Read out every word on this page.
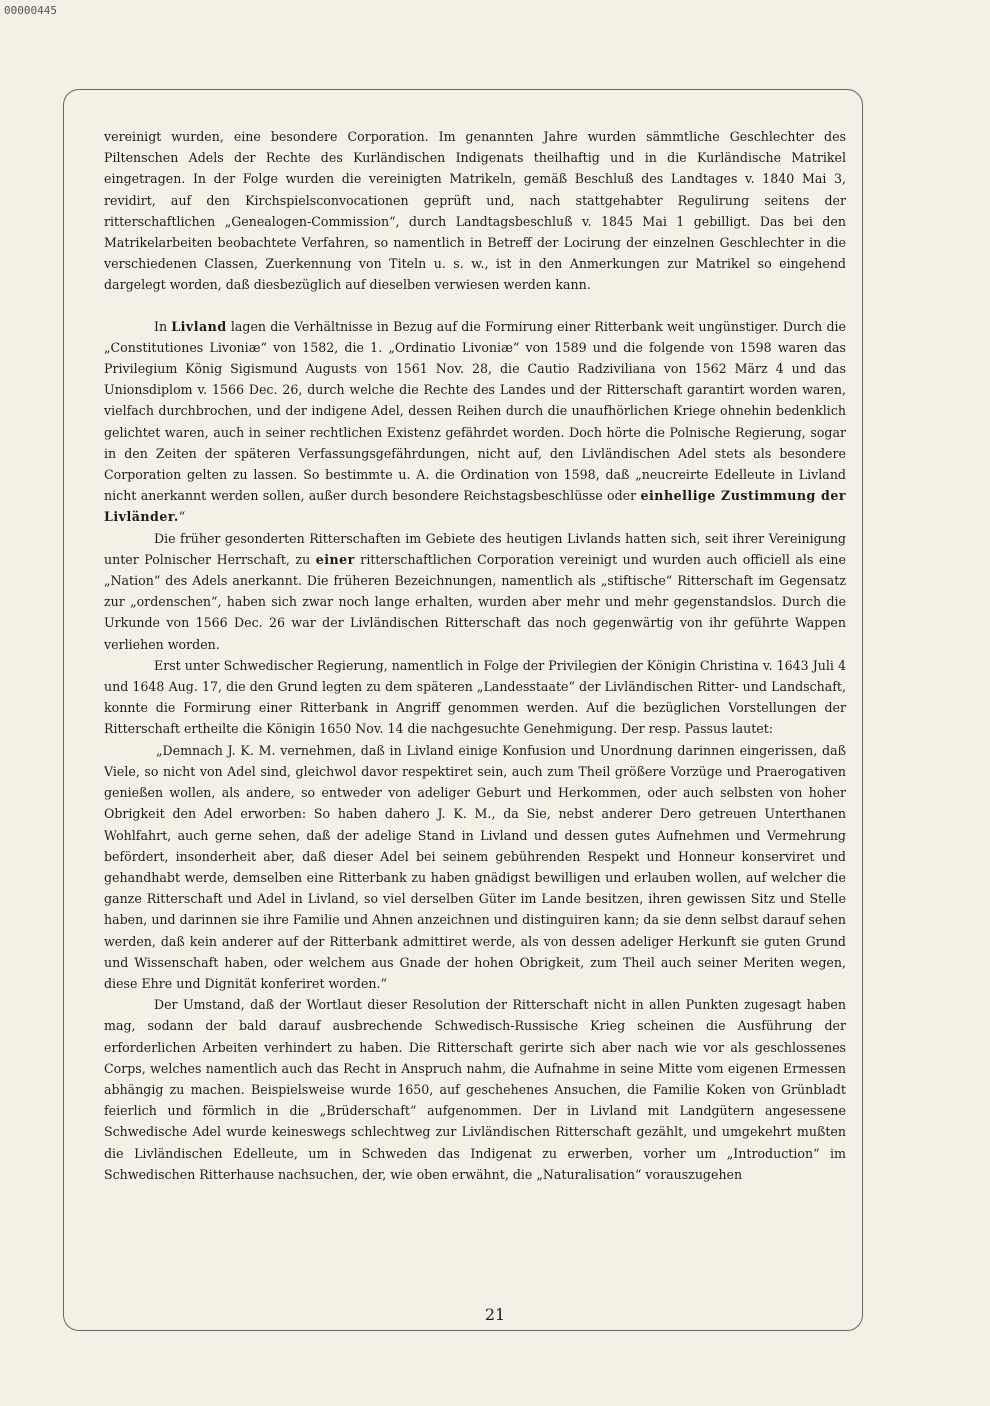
00000445

vereinigt wurden, eine besondere Corporation. Im genannten Jahre wurden sämmtliche Geschlechter des Piltenschen Adels der Rechte des Kurländischen Indigenats theilhaftig und in die Kurländische Matrikel eingetragen. In der Folge wurden die vereinigten Matrikeln, gemäß Beschluß des Landtages v. 1840 Mai 3, revidirt, auf den Kirchspielsconvocationen geprüft und, nach stattgehabter Regulirung seitens der ritterschaftlichen „Genealogen-Commission“, durch Landtagsbeschluß v. 1845 Mai 1 gebilligt. Das bei den Matrikelarbeiten beobachtete Verfahren, so namentlich in Betreff der Locirung der einzelnen Geschlechter in die verschiedenen Classen, Zuerkennung von Titeln u. s. w., ist in den Anmerkungen zur Matrikel so eingehend dargelegt worden, daß diesbezüglich auf dieselben verwiesen werden kann.

In Livland lagen die Verhältnisse in Bezug auf die Formirung einer Ritterbank weit ungünstiger. Durch die „Constitutiones Livoniæ“ von 1582, die 1. „Ordinatio Livoniæ“ von 1589 und die folgende von 1598 waren das Privilegium König Sigismund Augusts von 1561 Nov. 28, die Cautio Radziviliana von 1562 März 4 und das Unionsdiplom v. 1566 Dec. 26, durch welche die Rechte des Landes und der Ritterschaft garantirt worden waren, vielfach durchbrochen, und der indigene Adel, dessen Reihen durch die unaufhörlichen Kriege ohnehin bedenklich gelichtet waren, auch in seiner rechtlichen Existenz gefährdet worden. Doch hörte die Polnische Regierung, sogar in den Zeiten der späteren Verfassungsgefährdungen, nicht auf, den Livländischen Adel stets als besondere Corporation gelten zu lassen. So bestimmte u. A. die Ordination von 1598, daß „neucreirte Edelleute in Livland nicht anerkannt werden sollen, außer durch besondere Reichstagsbeschlüsse oder einhellige Zustimmung der Livländer.“

Die früher gesonderten Ritterschaften im Gebiete des heutigen Livlands hatten sich, seit ihrer Vereinigung unter Polnischer Herrschaft, zu einer ritterschaftlichen Corporation vereinigt und wurden auch officiell als eine „Nation“ des Adels anerkannt. Die früheren Bezeichnungen, namentlich als „stiftische“ Ritterschaft im Gegensatz zur „ordenschen“, haben sich zwar noch lange erhalten, wurden aber mehr und mehr gegenstandslos. Durch die Urkunde von 1566 Dec. 26 war der Livländischen Ritterschaft das noch gegenwärtig von ihr geführte Wappen verliehen worden.

Erst unter Schwedischer Regierung, namentlich in Folge der Privilegien der Königin Christina v. 1643 Juli 4 und 1648 Aug. 17, die den Grund legten zu dem späteren „Landesstaate“ der Livländischen Ritter- und Landschaft, konnte die Formirung einer Ritterbank in Angriff genommen werden. Auf die bezüglichen Vorstellungen der Ritterschaft ertheilte die Königin 1650 Nov. 14 die nachgesuchte Genehmigung. Der resp. Passus lautet:

„Demnach J. K. M. vernehmen, daß in Livland einige Konfusion und Unordnung darinnen eingerissen, daß Viele, so nicht von Adel sind, gleichwol davor respektiret sein, auch zum Theil größere Vorzüge und Praerogativen genießen wollen, als andere, so entweder von adeliger Geburt und Herkommen, oder auch selbsten von hoher Obrigkeit den Adel erworben: So haben dahero J. K. M., da Sie, nebst anderer Dero getreuen Unterthanen Wohlfahrt, auch gerne sehen, daß der adelige Stand in Livland und dessen gutes Aufnehmen und Vermehrung befördert, insonderheit aber, daß dieser Adel bei seinem gebührenden Respekt und Honneur konserviret und gehandhabt werde, demselben eine Ritterbank zu haben gnädigst bewilligen und erlauben wollen, auf welcher die ganze Ritterschaft und Adel in Livland, so viel derselben Güter im Lande besitzen, ihren gewissen Sitz und Stelle haben, und darinnen sie ihre Familie und Ahnen anzeichnen und distinguiren kann; da sie denn selbst darauf sehen werden, daß kein anderer auf der Ritterbank admittiret werde, als von dessen adeliger Herkunft sie guten Grund und Wissenschaft haben, oder welchem aus Gnade der hohen Obrigkeit, zum Theil auch seiner Meriten wegen, diese Ehre und Dignität konferiret worden.“

Der Umstand, daß der Wortlaut dieser Resolution der Ritterschaft nicht in allen Punkten zugesagt haben mag, sodann der bald darauf ausbrechende Schwedisch-Russische Krieg scheinen die Ausführung der erforderlichen Arbeiten verhindert zu haben. Die Ritterschaft gerirte sich aber nach wie vor als geschlossenes Corps, welches namentlich auch das Recht in Anspruch nahm, die Aufnahme in seine Mitte vom eigenen Ermessen abhängig zu machen. Beispielsweise wurde 1650, auf geschehenes Ansuchen, die Familie Koken von Grünbladt feierlich und förmlich in die „Brüderschaft“ aufgenommen. Der in Livland mit Landgütern angesessene Schwedische Adel wurde keineswegs schlechtweg zur Livländischen Ritterschaft gezählt, und umgekehrt mußten die Livländischen Edelleute, um in Schweden das Indigenat zu erwerben, vorher um „Introduction“ im Schwedischen Ritterhause nachsuchen, der, wie oben erwähnt, die „Naturalisation“ vorauszugehen

21
